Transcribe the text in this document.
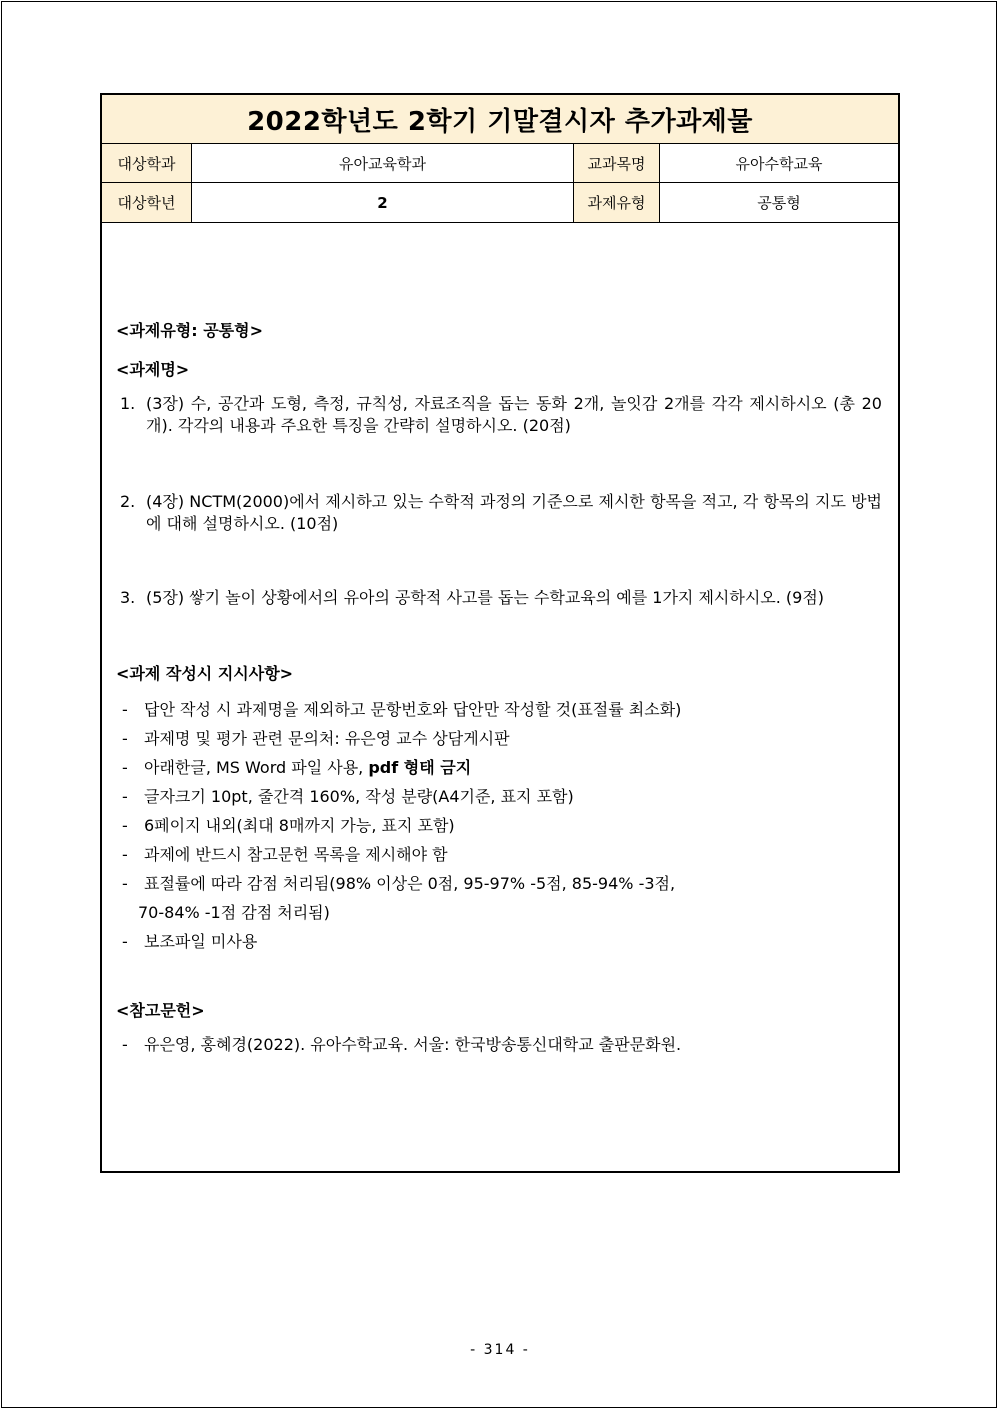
2022학년도 2학기 기말결시자 추가과제물
대상학과	유아교육학과	교과목명	유아수학교육
대상학년	2	과제유형	공통형
<과제유형: 공통형>
<과제명>
1. (3장) 수, 공간과 도형, 측정, 규칙성, 자료조직을 돕는 동화 2개, 놀잇감 2개를 각각 제시하시오 (총 20개). 각각의 내용과 주요한 특징을 간략히 설명하시오. (20점)
2. (4장) NCTM(2000)에서 제시하고 있는 수학적 과정의 기준으로 제시한 항목을 적고, 각 항목의 지도 방법에 대해 설명하시오. (10점)
3. (5장) 쌓기 놀이 상황에서의 유아의 공학적 사고를 돕는 수학교육의 예를 1가지 제시하시오. (9점)
<과제 작성시 지시사항>
-	답안 작성 시 과제명을 제외하고 문항번호와 답안만 작성할 것(표절률 최소화)
-	과제명 및 평가 관련 문의처: 유은영 교수 상담게시판
-	아래한글, MS Word 파일 사용, pdf 형태 금지
-	글자크기 10pt, 줄간격 160%, 작성 분량(A4기준, 표지 포함)
-	6페이지 내외(최대 8매까지 가능, 표지 포함)
-	과제에 반드시 참고문헌 목록을 제시해야 함
-	표절률에 따라 감점 처리됨(98% 이상은 0점, 95-97% -5점, 85-94% -3점,
70-84% -1점 감점 처리됨)
-	보조파일 미사용
<참고문헌>
-	유은영, 홍혜경(2022). 유아수학교육. 서울: 한국방송통신대학교 출판문화원.
- 314 -
